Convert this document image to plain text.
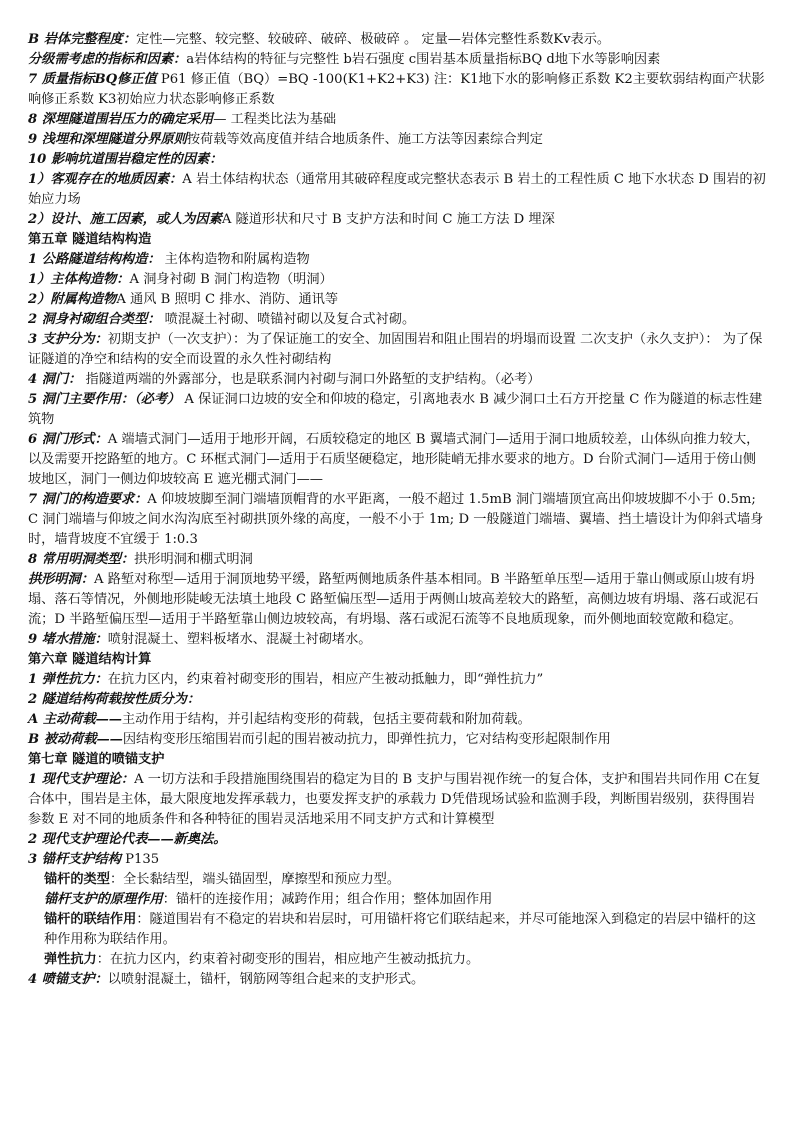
B 岩体完整程度：定性—完整、较完整、较破碎、破碎、极破碎 。 定量—岩体完整性系数Kv表示。

分级需考虑的指标和因素：a岩体结构的特征与完整性 b岩石强度 c围岩基本质量指标BQ d地下水等影响因素

7 质量指标BQ修正值 P61 修正值（BQ）=BQ -100(K1+K2+K3) 注：K1地下水的影响修正系数 K2主要软弱结构面产状影响修正系数 K3初始应力状态影响修正系数

8 深埋隧道围岩压力的确定采用— 工程类比法为基础

9 浅埋和深埋隧道分界原则按荷载等效高度值并结合地质条件、施工方法等因素综合判定

10 影响坑道围岩稳定性的因素：

1）客观存在的地质因素：A 岩土体结构状态（通常用其破碎程度或完整状态表示 B 岩土的工程性质 C 地下水状态 D 围岩的初始应力场

2）设计、施工因素，或人为因素A 隧道形状和尺寸 B 支护方法和时间 C 施工方法 D 埋深

第五章 隧道结构构造

1 公路隧道结构构造： 主体构造物和附属构造物

1）主体构造物：A 洞身衬砌 B 洞门构造物（明洞）

2）附属构造物A 通风 B 照明 C 排水、消防、通讯等

2 洞身衬砌组合类型： 喷混凝土衬砌、喷锚衬砌以及复合式衬砌。

3 支护分为：初期支护（一次支护）：为了保证施工的安全、加固围岩和阻止围岩的坍塌而设置 二次支护（永久支护）： 为了保证隧道的净空和结构的安全而设置的永久性衬砌结构

4 洞门： 指隧道两端的外露部分，也是联系洞内衬砌与洞口外路堑的支护结构。（必考）

5 洞门主要作用：（必考） A 保证洞口边坡的安全和仰坡的稳定，引离地表水 B 减少洞口土石方开挖量 C 作为隧道的标志性建筑物

6 洞门形式：A 端墙式洞门—适用于地形开阔，石质较稳定的地区 B 翼墙式洞门—适用于洞口地质较差，山体纵向推力较大，以及需要开挖路堑的地方。C 环框式洞门—适用于石质坚硬稳定，地形陡峭无排水要求的地方。D 台阶式洞门—适用于傍山侧坡地区，洞门一侧边仰坡较高 E 遮光棚式洞门——

7 洞门的构造要求：A 仰坡坡脚至洞门端墙顶帽背的水平距离，一般不超过 1.5mB 洞门端墙顶宜高出仰坡坡脚不小于 0.5m; C 洞门端墙与仰坡之间水沟沟底至衬砌拱顶外缘的高度，一般不小于 1m; D 一般隧道门端墙、翼墙、挡土墙设计为仰斜式墙身时，墙背坡度不宜缓于 1:0.3

8 常用明洞类型：拱形明洞和棚式明洞

拱形明洞：A 路堑对称型—适用于洞顶地势平缓，路堑两侧地质条件基本相同。B 半路堑单压型—适用于靠山侧或原山坡有坍塌、落石等情况，外侧地形陡峻无法填土地段 C 路堑偏压型—适用于两侧山坡高差较大的路堑，高侧边坡有坍塌、落石或泥石流；D 半路堑偏压型—适用于半路堑靠山侧边坡较高，有坍塌、落石或泥石流等不良地质现象，而外侧地面较宽敞和稳定。

9 堵水措施：喷射混凝土、塑料板堵水、混凝土衬砌堵水。

第六章 隧道结构计算

1 弹性抗力：在抗力区内，约束着衬砌变形的围岩，相应产生被动抵触力，即“弹性抗力”

2 隧道结构荷载按性质分为：

A 主动荷载——主动作用于结构，并引起结构变形的荷载，包括主要荷载和附加荷载。

B 被动荷载——因结构变形压缩围岩而引起的围岩被动抗力，即弹性抗力，它对结构变形起限制作用

第七章 隧道的喷锚支护

1 现代支护理论：A 一切方法和手段措施围绕围岩的稳定为目的 B 支护与围岩视作统一的复合体，支护和围岩共同作用 C在复合体中，围岩是主体，最大限度地发挥承载力，也要发挥支护的承载力 D凭借现场试验和监测手段，判断围岩级别，获得围岩参数 E 对不同的地质条件和各种特征的围岩灵活地采用不同支护方式和计算模型

2 现代支护理论代表——新奥法。

3 锚杆支护结构 P135

锚杆的类型：全长黏结型，端头锚固型，摩擦型和预应力型。

锚杆支护的原理作用：锚杆的连接作用；减跨作用；组合作用；整体加固作用

锚杆的联结作用：隧道围岩有不稳定的岩块和岩层时，可用锚杆将它们联结起来，并尽可能地深入到稳定的岩层中锚杆的这种作用称为联结作用。

弹性抗力：在抗力区内，约束着衬砌变形的围岩，相应地产生被动抵抗力。

4 喷锚支护：以喷射混凝土，锚杆，钢筋网等组合起来的支护形式。
